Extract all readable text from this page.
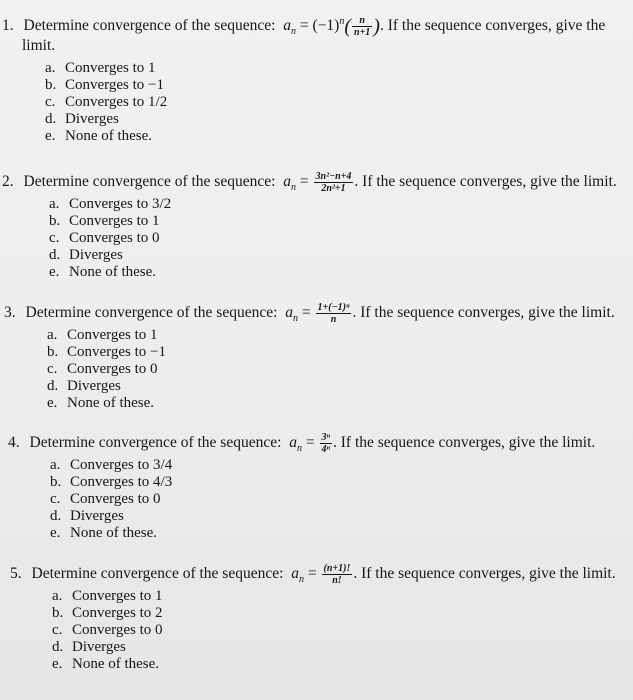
1. Determine convergence of the sequence: $a_n = (-1)^n( \frac{n}{n+1}$ ). If the sequence converges, give the
limit.
a. Converges to 1
b. Converges to −1
c. Converges to 1/2
d. Diverges
e. None of these.
2. Determine convergence of the sequence: $a_n = \frac{\text{3n²−n+4}}{\text{2n²+1}}$ . If the sequence converges, give the limit.
a. Converges to 3/2
b. Converges to 1
c. Converges to 0
d. Diverges
e. None of these.
3. Determine convergence of the sequence: $a_n = \frac{\text{1+(−1)ⁿ}}{n}$ . If the sequence converges, give the limit.
a. Converges to 1
b. Converges to −1
c. Converges to 0
d. Diverges
e. None of these.
4. Determine convergence of the sequence: $a_n = \frac{\text{3ⁿ}}{\text{4ⁿ}}$ . If the sequence converges, give the limit.
a. Converges to 3/4
b. Converges to 4/3
c. Converges to 0
d. Diverges
e. None of these.
5. Determine convergence of the sequence: $a_n = \frac{(n+1)!}{n!}$ . If the sequence converges, give the limit.
a. Converges to 1
b. Converges to 2
c. Converges to 0
d. Diverges
e. None of these.
